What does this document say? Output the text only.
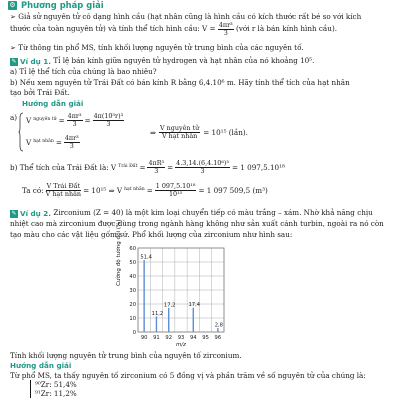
⚙ Phương pháp giải
➢ Giả sử nguyên tử có dạng hình cầu (hạt nhân cũng là hình cầu có kích thước rất bé so với kích
thước của toàn nguyên tử) và tính thể tích hình cầu: $V = \frac{\text{4πr³}}{3}$ (với r là bán kính hình cầu).
➢ Từ thông tin phổ MS, tính khối lượng nguyên tử trung bình của các nguyên tố.
✎ Ví dụ 1. Tỉ lệ bán kính giữa nguyên tử hydrogen và hạt nhân của nó khoảng 10⁵.
a) Tỉ lệ thể tích của chúng là bao nhiêu?
b) Nếu xem nguyên tử Trái Đất có bán kính R bằng 6,4.10⁶ m. Hãy tính thể tích của hạt nhân
tạo bởi Trái Đất.
Hướng dẫn giải
a)	V nguyên tử = $\frac{\text{4πr³}}{3} = \frac{\text{4π(10⁵r)³}}{3}$
V hạt nhân = $\frac{\text{4πr³}}{3}$
⇒ $\frac{\text{V nguyên tử}}{\text{V hạt nhân}} = 10^{15}$ (lần).
b) Thể tích của Trái Đất là: V Trái Đất = $\frac{\text{4πR³}}{3} = \frac{\text{4.3,14.(6,4.10⁶)³}}{3} = 1$ 097,5.10¹⁸
Ta có: $\frac{\text{V Trái Đất}}{\text{V hạt nhân}} = 10^{15}$ ⇒ V hạt nhân = $\frac{\text{1 097,5.10¹⁸}}{\text{10¹⁵}} = 1$ 097 509,5 (m³)
✎ Ví dụ 2. Zirconium (Z = 40) là một kim loại chuyển tiếp có màu trắng – xám. Nhờ khả năng chịu
nhiệt cao mà zirconium được dùng trong ngành hàng không như sản xuất cánh turbin, ngoài ra nó còn
tạo màu cho các vật liệu gốm sứ. Phổ khối lượng của zirconium như hình sau:
Cường độ tương đối (%)
0
10
20
30
40
50
60
51,4
90
11,2
91
17,2
92 93
17,4
94 95
2,8
96
m/z
Tính khối lượng nguyên tử trung bình của nguyên tố zirconium.
Hướng dẫn giải
Từ phổ MS, ta thấy nguyên tố zirconium có 5 đồng vị và phần trăm về số nguyên tử của chúng là:
⁹⁰Zr: 51,4%
⁹¹Zr: 11,2%
